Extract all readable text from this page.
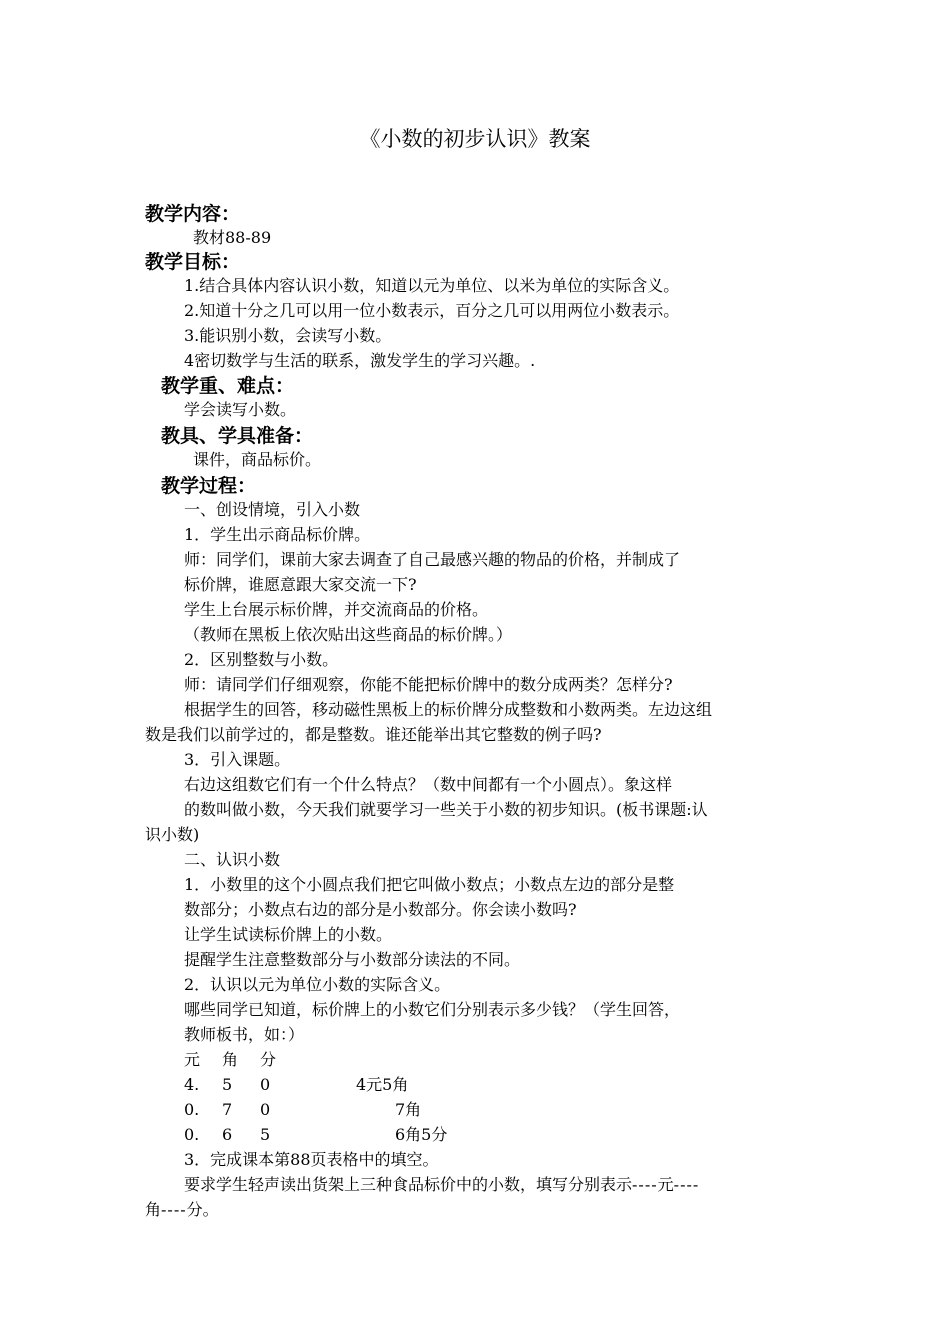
《小数的初步认识》教案
教学内容：
教材88-89
教学目标：
1.结合具体内容认识小数，知道以元为单位、以米为单位的实际含义。
2.知道十分之几可以用一位小数表示，百分之几可以用两位小数表示。
3.能识别小数，会读写小数。
4密切数学与生活的联系，激发学生的学习兴趣。.
教学重、难点：
学会读写小数。
教具、学具准备：
课件，商品标价。
教学过程：
一、创设情境，引入小数
1．学生出示商品标价牌。
师：同学们，课前大家去调查了自己最感兴趣的物品的价格，并制成了
标价牌，谁愿意跟大家交流一下?
学生上台展示标价牌，并交流商品的价格。
（教师在黑板上依次贴出这些商品的标价牌。）
2．区别整数与小数。
师：请同学们仔细观察，你能不能把标价牌中的数分成两类？怎样分?
根据学生的回答，移动磁性黑板上的标价牌分成整数和小数两类。左边这组
数是我们以前学过的，都是整数。谁还能举出其它整数的例子吗?
3．引入课题。
右边这组数它们有一个什么特点？（数中间都有一个小圆点）。象这样
的数叫做小数，今天我们就要学习一些关于小数的初步知识。(板书课题:认
识小数)
二、认识小数
1．小数里的这个小圆点我们把它叫做小数点；小数点左边的部分是整
数部分；小数点右边的部分是小数部分。你会读小数吗?
让学生试读标价牌上的小数。
提醒学生注意整数部分与小数部分读法的不同。
2．认识以元为单位小数的实际含义。
哪些同学已知道，标价牌上的小数它们分别表示多少钱？（学生回答，
教师板书，如：）
元 角 分
4. 5 0	4元5角
0. 7 0	7角
0. 6 5	6角5分
3．完成课本第88页表格中的填空。
要求学生轻声读出货架上三种食品标价中的小数，填写分别表示----元----
角----分。
